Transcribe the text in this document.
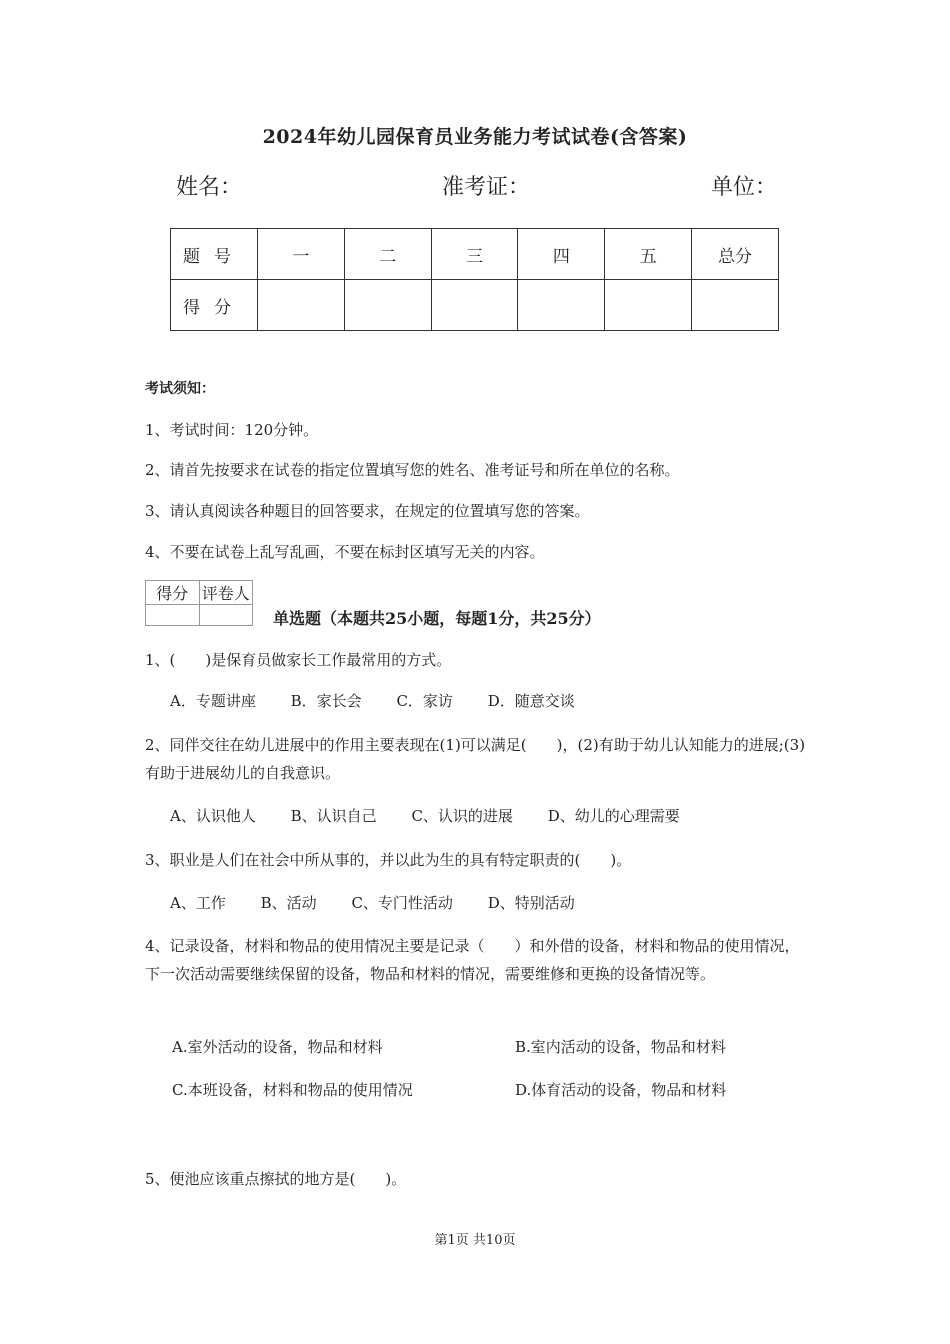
2024年幼儿园保育员业务能力考试试卷(含答案)
姓名：	准考证：	单位：
题号	一	二	三	四	五	总分
得分						
考试须知：
1、考试时间：120分钟。
2、请首先按要求在试卷的指定位置填写您的姓名、准考证号和所在单位的名称。
3、请认真阅读各种题目的回答要求，在规定的位置填写您的答案。
4、不要在试卷上乱写乱画，不要在标封区填写无关的内容。
得分	评卷人

单选题（本题共25小题，每题1分，共25分）
1、(　　)是保育员做家长工作最常用的方式。
A．专题讲座 B．家长会 C．家访 D．随意交谈
2、同伴交往在幼儿进展中的作用主要表现在(1)可以满足(　　)，(2)有助于幼儿认知能力的进展;(3)有助于进展幼儿的自我意识。
A、认识他人 B、认识自己 C、认识的进展 D、幼儿的心理需要
3、职业是人们在社会中所从事的，并以此为生的具有特定职责的(　　)。
A、工作 B、活动 C、专门性活动 D、特别活动
4、记录设备，材料和物品的使用情况主要是记录（　　）和外借的设备，材料和物品的使用情况，下一次活动需要继续保留的设备，物品和材料的情况，需要维修和更换的设备情况等。
A.室外活动的设备，物品和材料	B.室内活动的设备，物品和材料
C.本班设备，材料和物品的使用情况	D.体育活动的设备，物品和材料
5、便池应该重点擦拭的地方是(　　)。
第1页 共10页
